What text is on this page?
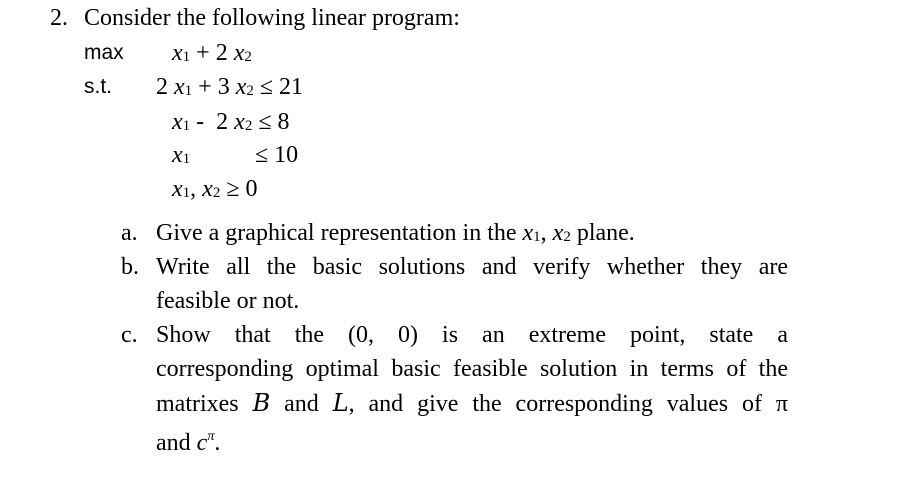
2. Consider the following linear program:
max
s.t.
x1 + 2 x2
2 x1 + 3 x2 ≤ 21
x1 -  2 x2 ≤ 8
x1	≤ 10
x1, x2 ≥ 0
a. Give a graphical representation in the x1, x2 plane.
b. Write all the basic solutions and verify whether they are
feasible or not.
c. Show that the (0, 0) is an extreme point, state a
corresponding optimal basic feasible solution in terms of the
matrixes B and L, and give the corresponding values of π
and $c^\pi$.
